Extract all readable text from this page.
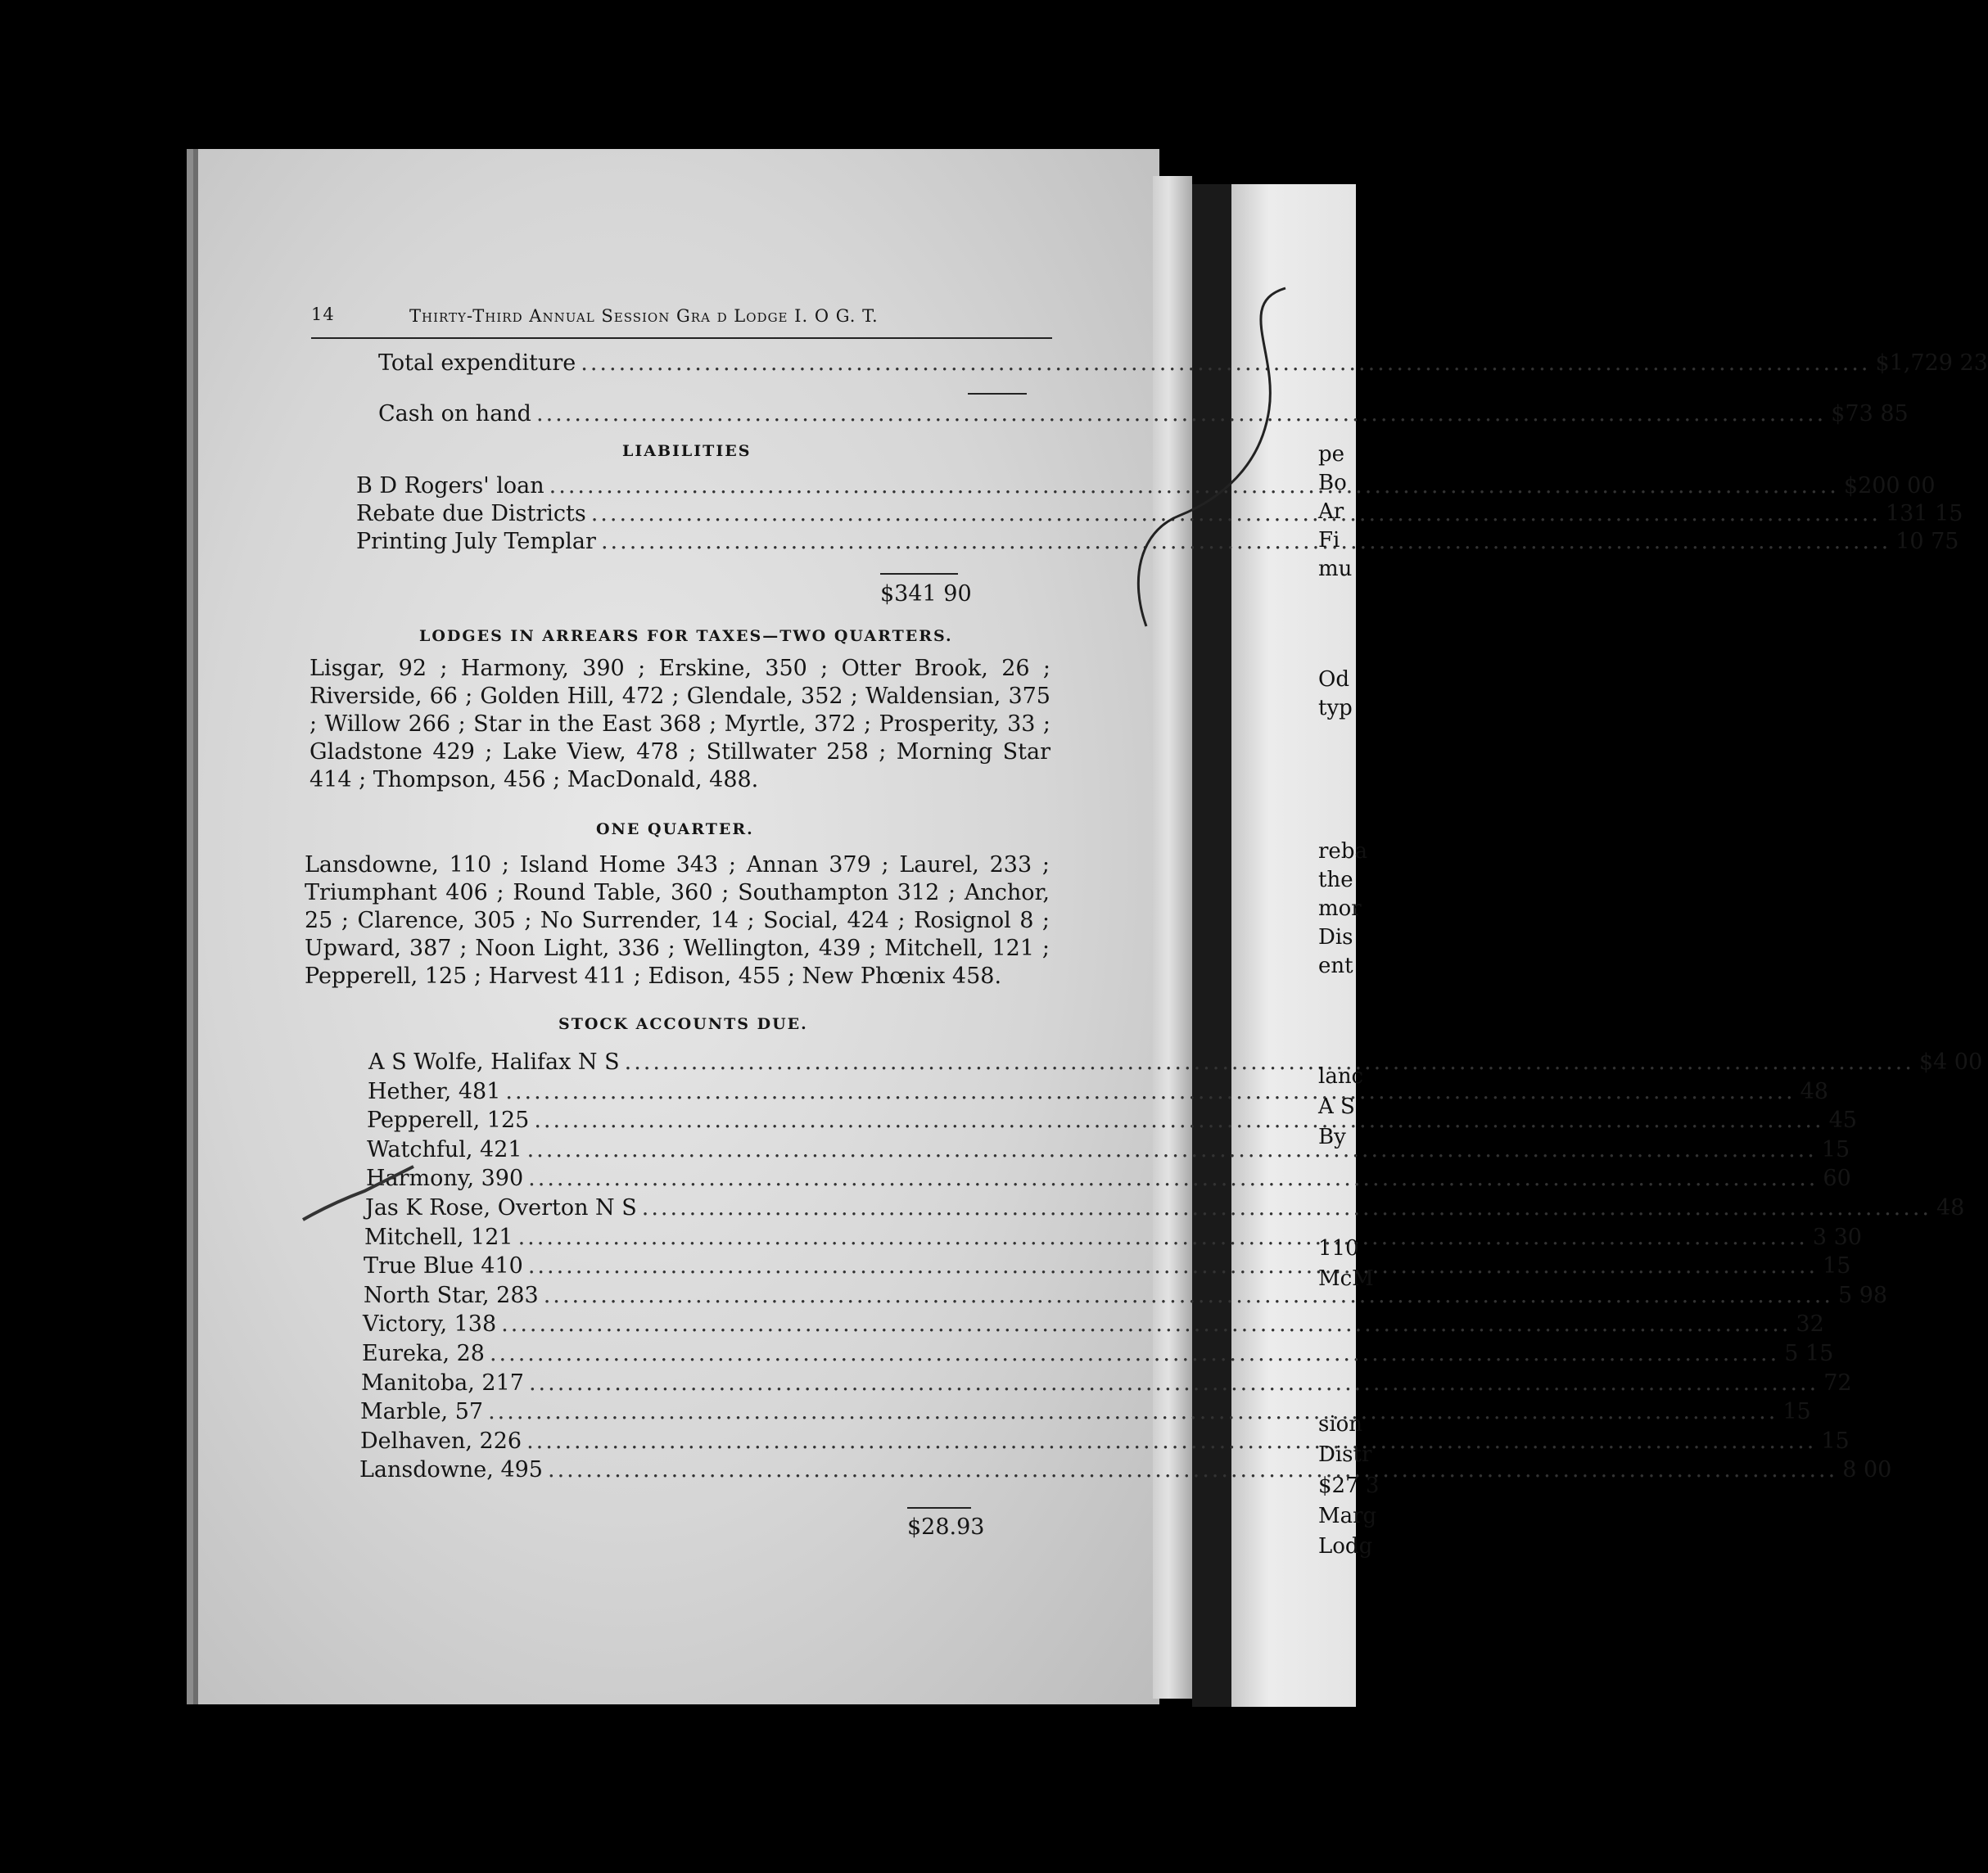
14	Thirty-Third Annual Session Gra d Lodge I. O G. T.
Total expenditure .....	$1,729 23
Cash on hand .....	$73 85
LIABILITIES
B D Rogers' loan .....	$200 00
Rebate due Districts .....	131 15
Printing July Templar .....	10 75
$341 90
LODGES IN ARREARS FOR TAXES—TWO QUARTERS.
Lisgar, 92 ; Harmony, 390 ; Erskine, 350 ; Otter Brook, 26 ; Riverside, 66 ; Golden Hill, 472 ; Glendale, 352 ; Waldensian, 375 ; Willow 266 ; Star in the East 368 ; Myrtle, 372 ; Prosperity, 33 ; Gladstone 429 ; Lake View, 478 ; Stillwater 258 ; Morning Star 414 ; Thompson, 456 ; MacDonald, 488.
ONE QUARTER.
Lansdowne, 110 ; Island Home 343 ; Annan 379 ; Laurel, 233 ; Triumphant 406 ; Round Table, 360 ; Southampton 312 ; Anchor, 25 ; Clarence, 305 ; No Surrender, 14 ; Social, 424 ; Rosignol 8 ; Upward, 387 ; Noon Light, 336 ; Wellington, 439 ; Mitchell, 121 ; Pepperell, 125 ; Harvest 411 ; Edison, 455 ; New Phœnix 458.
STOCK ACCOUNTS DUE.
A S Wolfe, Halifax N S .....	$4 00
Hether, 481 .....	48
Pepperell, 125 .....	45
Watchful, 421 .....	15
Harmony, 390 .....	60
Jas K Rose, Overton N S .....	48
Mitchell, 121 .....	3 30
True Blue 410 .....	15
North Star, 283 .....	5 98
Victory, 138 .....	32
Eureka, 28 .....	5 15
Manitoba, 217 .....	72
Marble, 57 .....	15
Delhaven, 226 .....	15
Lansdowne, 495 .....	8 00
$28.93
pe
Bo
Ar
Fi
mu
Od
typ
reba
the
mor
Dis
ent
lanc
A S
By
110
McM
sion
Distr
$27 3
Marg
Lodg
